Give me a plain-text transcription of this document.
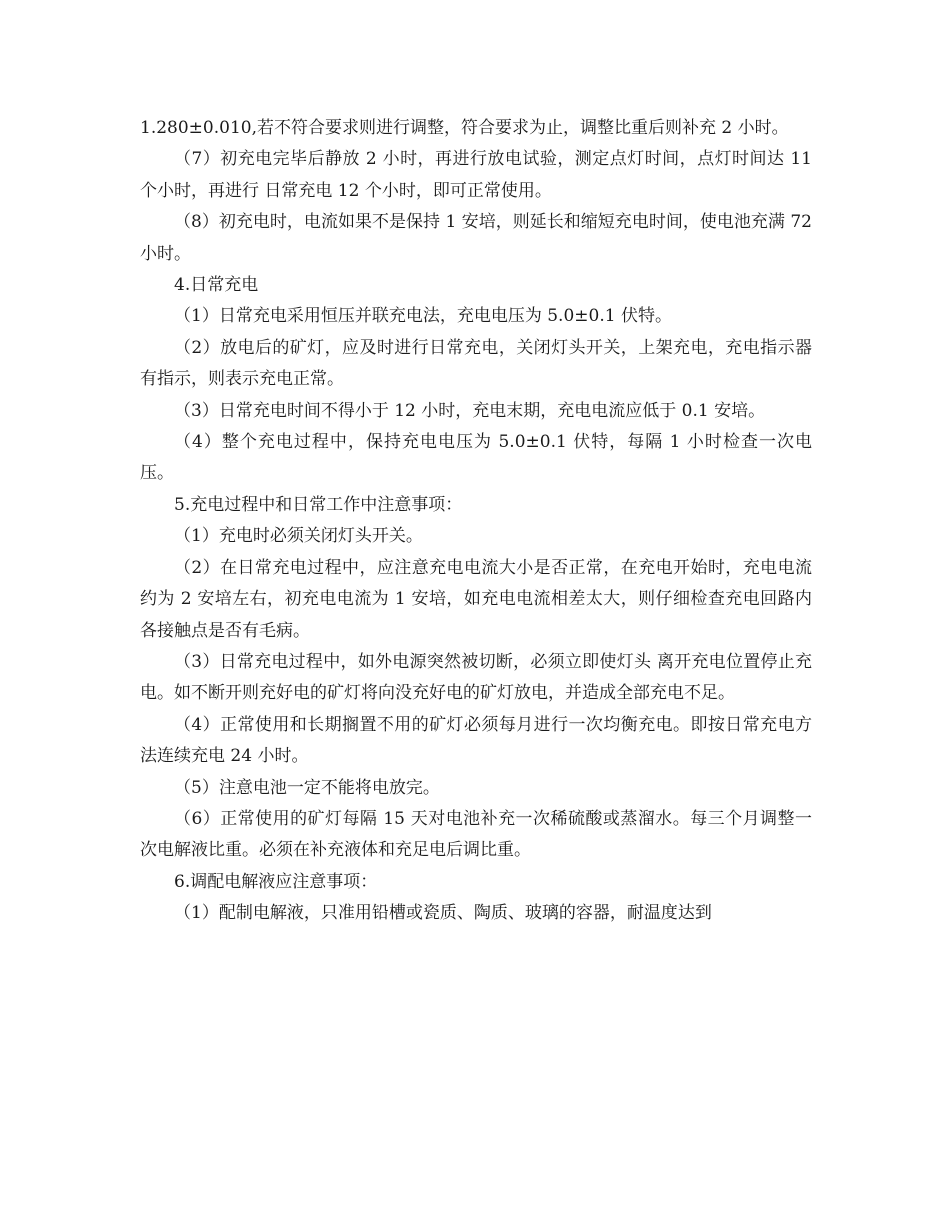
1.280±0.010,若不符合要求则进行调整，符合要求为止，调整比重后则补充 2 小时。

（7）初充电完毕后静放 2 小时，再进行放电试验，测定点灯时间，点灯时间达 11 个小时，再进行 日常充电 12 个小时，即可正常使用。

（8）初充电时，电流如果不是保持 1 安培，则延长和缩短充电时间，使电池充满 72 小时。

4.日常充电

（1）日常充电采用恒压并联充电法，充电电压为 5.0±0.1 伏特。

（2）放电后的矿灯，应及时进行日常充电，关闭灯头开关，上架充电，充电指示器有指示，则表示充电正常。

（3）日常充电时间不得小于 12 小时，充电末期，充电电流应低于 0.1 安培。

（4）整个充电过程中，保持充电电压为 5.0±0.1 伏特，每隔 1 小时检查一次电压。

5.充电过程中和日常工作中注意事项：

（1）充电时必须关闭灯头开关。

（2）在日常充电过程中，应注意充电电流大小是否正常，在充电开始时，充电电流约为 2 安培左右，初充电电流为 1 安培，如充电电流相差太大，则仔细检查充电回路内各接触点是否有毛病。

（3）日常充电过程中，如外电源突然被切断，必须立即使灯头 离开充电位置停止充电。如不断开则充好电的矿灯将向没充好电的矿灯放电，并造成全部充电不足。

（4）正常使用和长期搁置不用的矿灯必须每月进行一次均衡充电。即按日常充电方法连续充电 24 小时。

（5）注意电池一定不能将电放完。

（6）正常使用的矿灯每隔 15 天对电池补充一次稀硫酸或蒸溜水。每三个月调整一次电解液比重。必须在补充液体和充足电后调比重。

6.调配电解液应注意事项：

（1）配制电解液，只准用铅槽或瓷质、陶质、玻璃的容器，耐温度达到
